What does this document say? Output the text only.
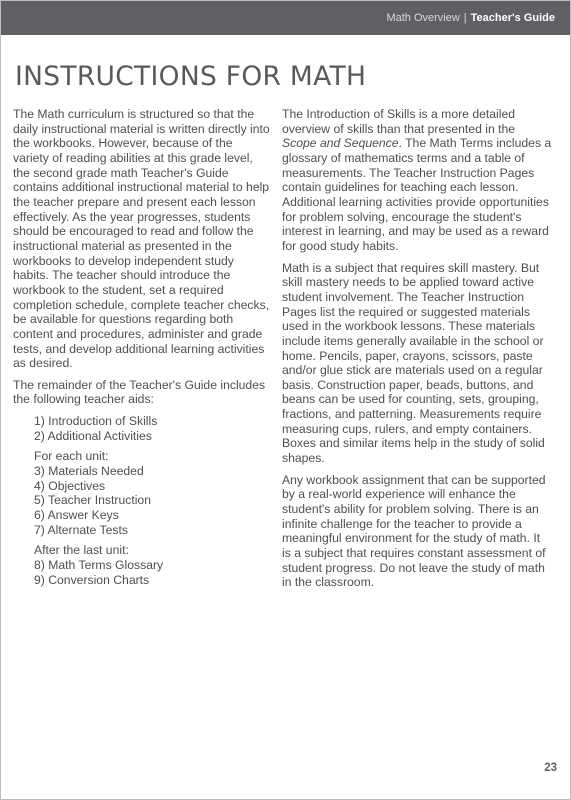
Math Overview | Teacher's Guide
INSTRUCTIONS FOR MATH

The Math curriculum is structured so that the daily instructional material is written directly into the workbooks. However, because of the variety of reading abilities at this grade level, the second grade math Teacher's Guide contains additional instructional material to help the teacher prepare and present each lesson effectively. As the year progresses, students should be encouraged to read and follow the instructional material as presented in the workbooks to develop independent study habits. The teacher should introduce the workbook to the student, set a required completion schedule, complete teacher checks, be available for questions regarding both content and procedures, administer and grade tests, and develop additional learning activities as desired.

The remainder of the Teacher's Guide includes the following teacher aids:

1) Introduction of Skills
2) Additional Activities

For each unit:

3) Materials Needed
4) Objectives
5) Teacher Instruction
6) Answer Keys
7) Alternate Tests

After the last unit:

8) Math Terms Glossary
9) Conversion Charts

The Introduction of Skills is a more detailed overview of skills than that presented in the Scope and Sequence. The Math Terms includes a glossary of mathematics terms and a table of measurements. The Teacher Instruction Pages contain guidelines for teaching each lesson. Additional learning activities provide opportunities for problem solving, encourage the student's interest in learning, and may be used as a reward for good study habits.

Math is a subject that requires skill mastery. But skill mastery needs to be applied toward active student involvement. The Teacher Instruction Pages list the required or suggested materials used in the workbook lessons. These materials include items generally available in the school or home. Pencils, paper, crayons, scissors, paste and/or glue stick are materials used on a regular basis. Construction paper, beads, buttons, and beans can be used for counting, sets, grouping, fractions, and patterning. Measurements require measuring cups, rulers, and empty containers. Boxes and similar items help in the study of solid shapes.

Any workbook assignment that can be supported by a real-world experience will enhance the student's ability for problem solving. There is an infinite challenge for the teacher to provide a meaningful environment for the study of math. It is a subject that requires constant assessment of student progress. Do not leave the study of math in the classroom.

23
